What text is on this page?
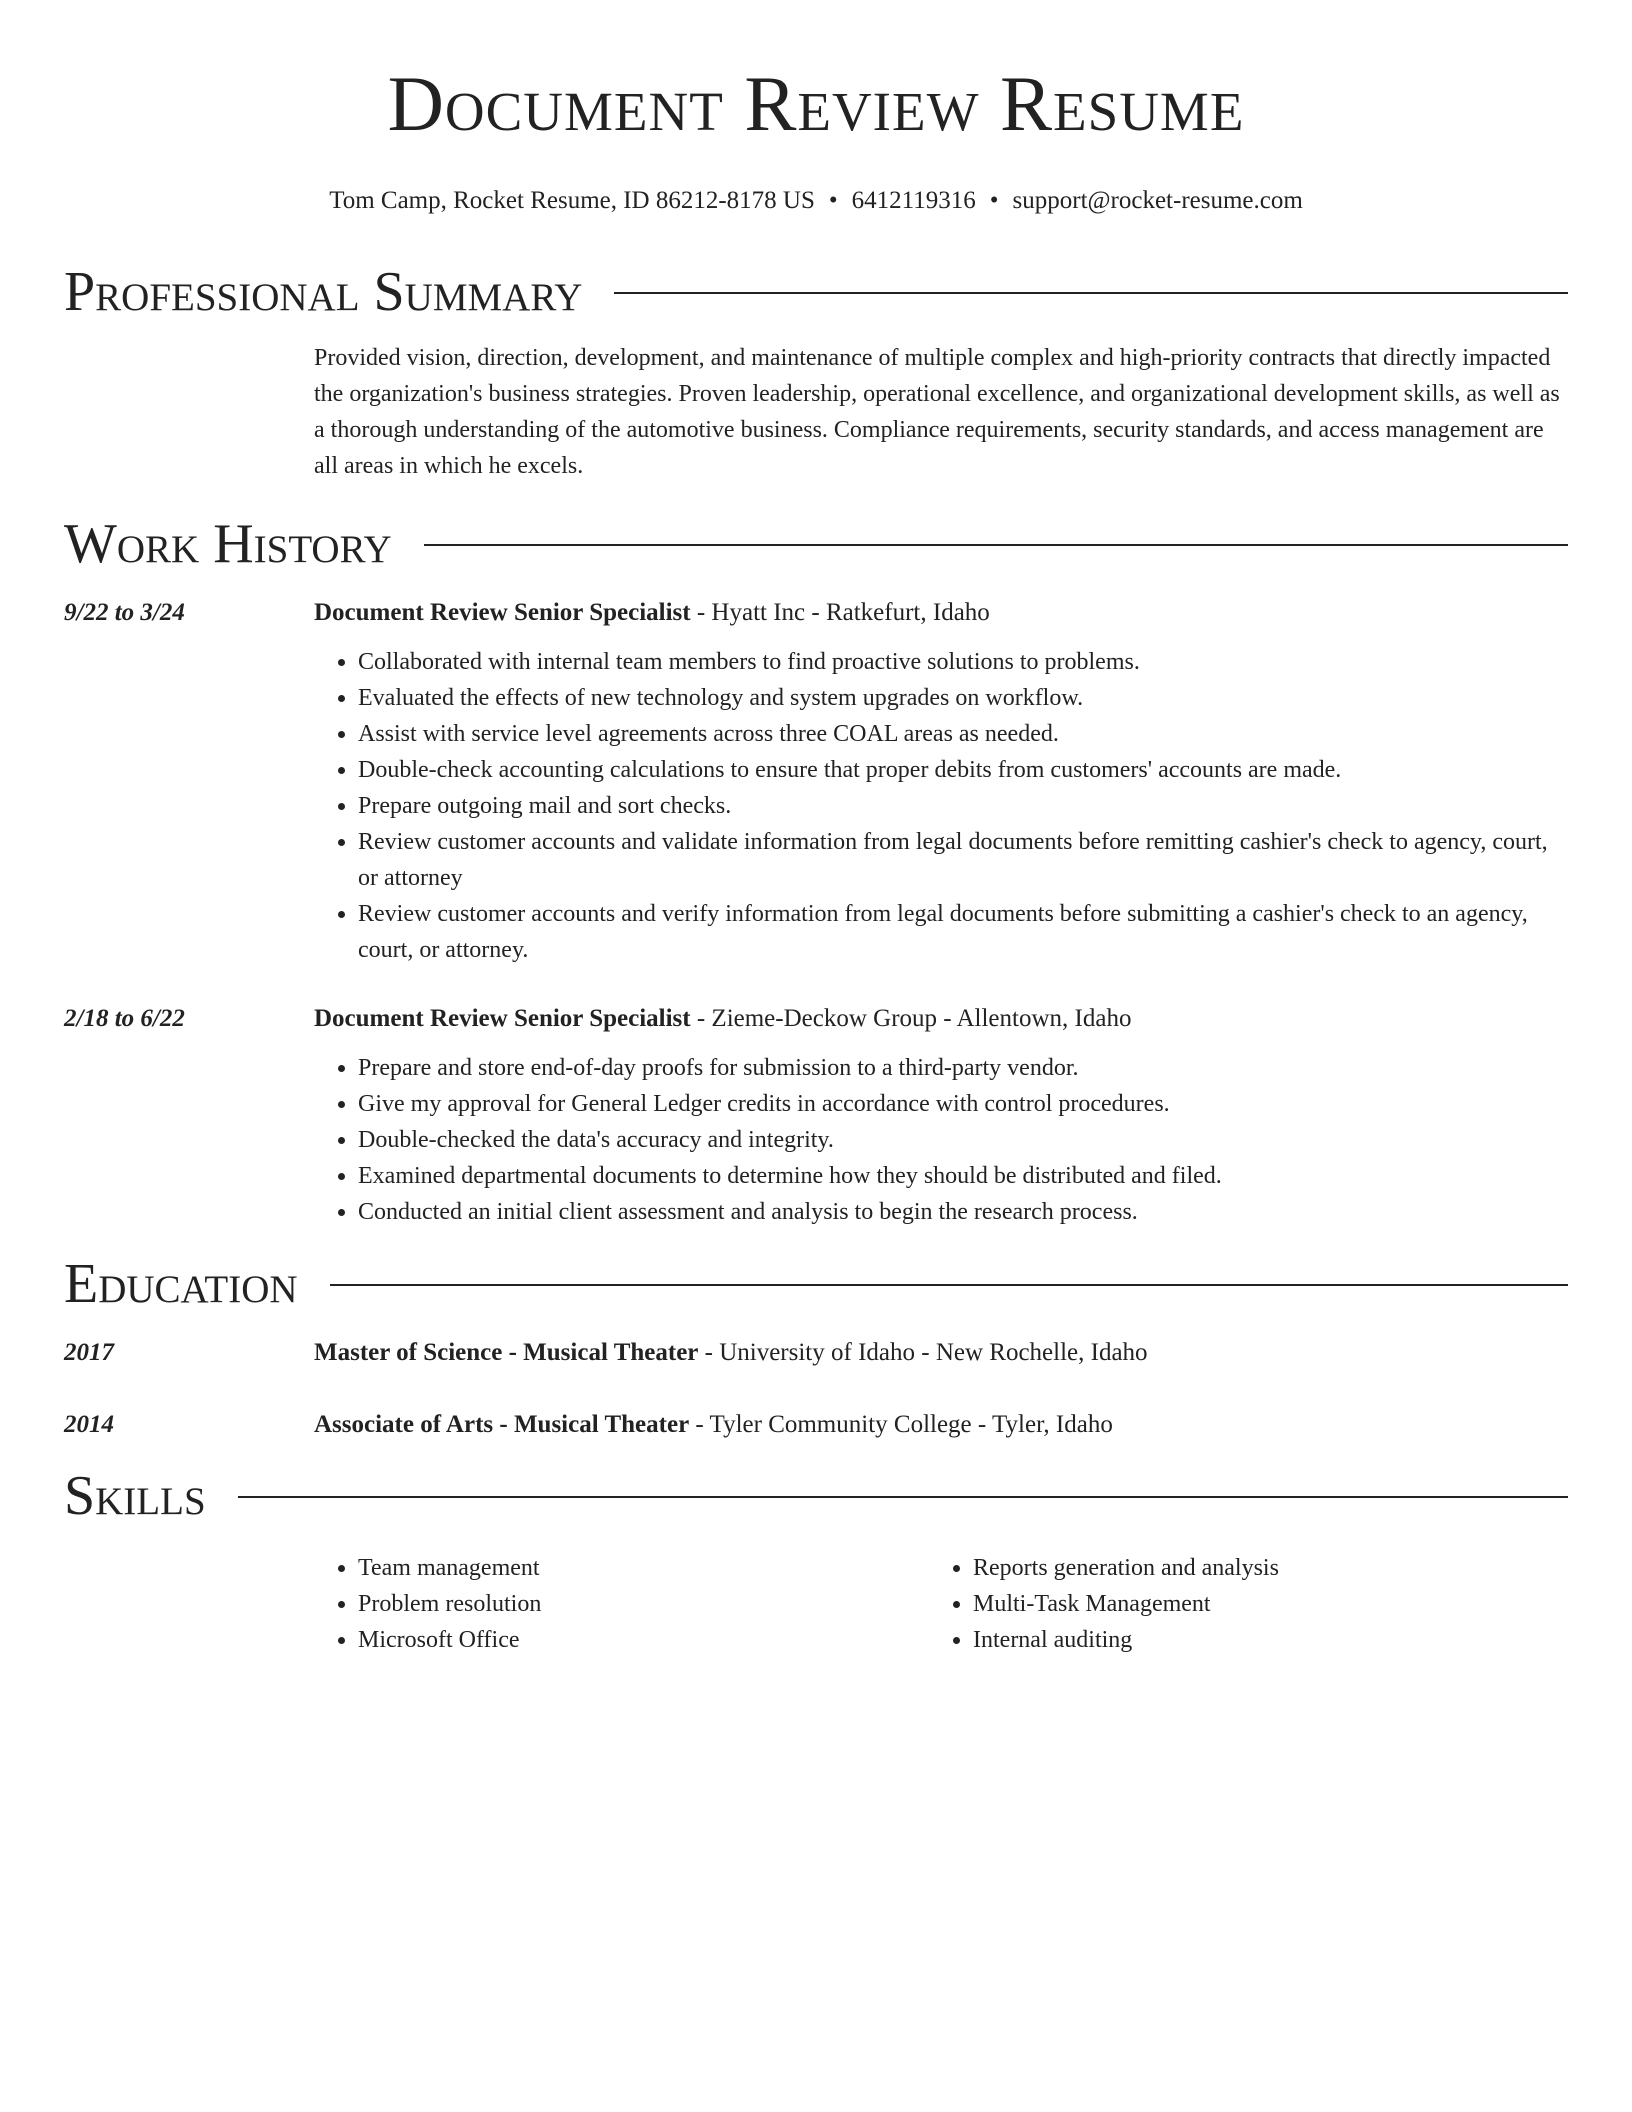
Document Review Resume
Tom Camp, Rocket Resume, ID 86212-8178 US • 6412119316 • support@rocket-resume.com
Professional Summary
Provided vision, direction, development, and maintenance of multiple complex and high-priority contracts that directly impacted the organization's business strategies. Proven leadership, operational excellence, and organizational development skills, as well as a thorough understanding of the automotive business. Compliance requirements, security standards, and access management are all areas in which he excels.
Work History
9/22 to 3/24	Document Review Senior Specialist - Hyatt Inc - Ratkefurt, Idaho
• Collaborated with internal team members to find proactive solutions to problems.
• Evaluated the effects of new technology and system upgrades on workflow.
• Assist with service level agreements across three COAL areas as needed.
• Double-check accounting calculations to ensure that proper debits from customers' accounts are made.
• Prepare outgoing mail and sort checks.
• Review customer accounts and validate information from legal documents before remitting cashier's check to agency, court, or attorney
• Review customer accounts and verify information from legal documents before submitting a cashier's check to an agency, court, or attorney.
2/18 to 6/22	Document Review Senior Specialist - Zieme-Deckow Group - Allentown, Idaho
• Prepare and store end-of-day proofs for submission to a third-party vendor.
• Give my approval for General Ledger credits in accordance with control procedures.
• Double-checked the data's accuracy and integrity.
• Examined departmental documents to determine how they should be distributed and filed.
• Conducted an initial client assessment and analysis to begin the research process.
Education
2017	Master of Science - Musical Theater - University of Idaho - New Rochelle, Idaho
2014	Associate of Arts - Musical Theater - Tyler Community College - Tyler, Idaho
Skills
• Team management
• Problem resolution
• Microsoft Office
• Reports generation and analysis
• Multi-Task Management
• Internal auditing
